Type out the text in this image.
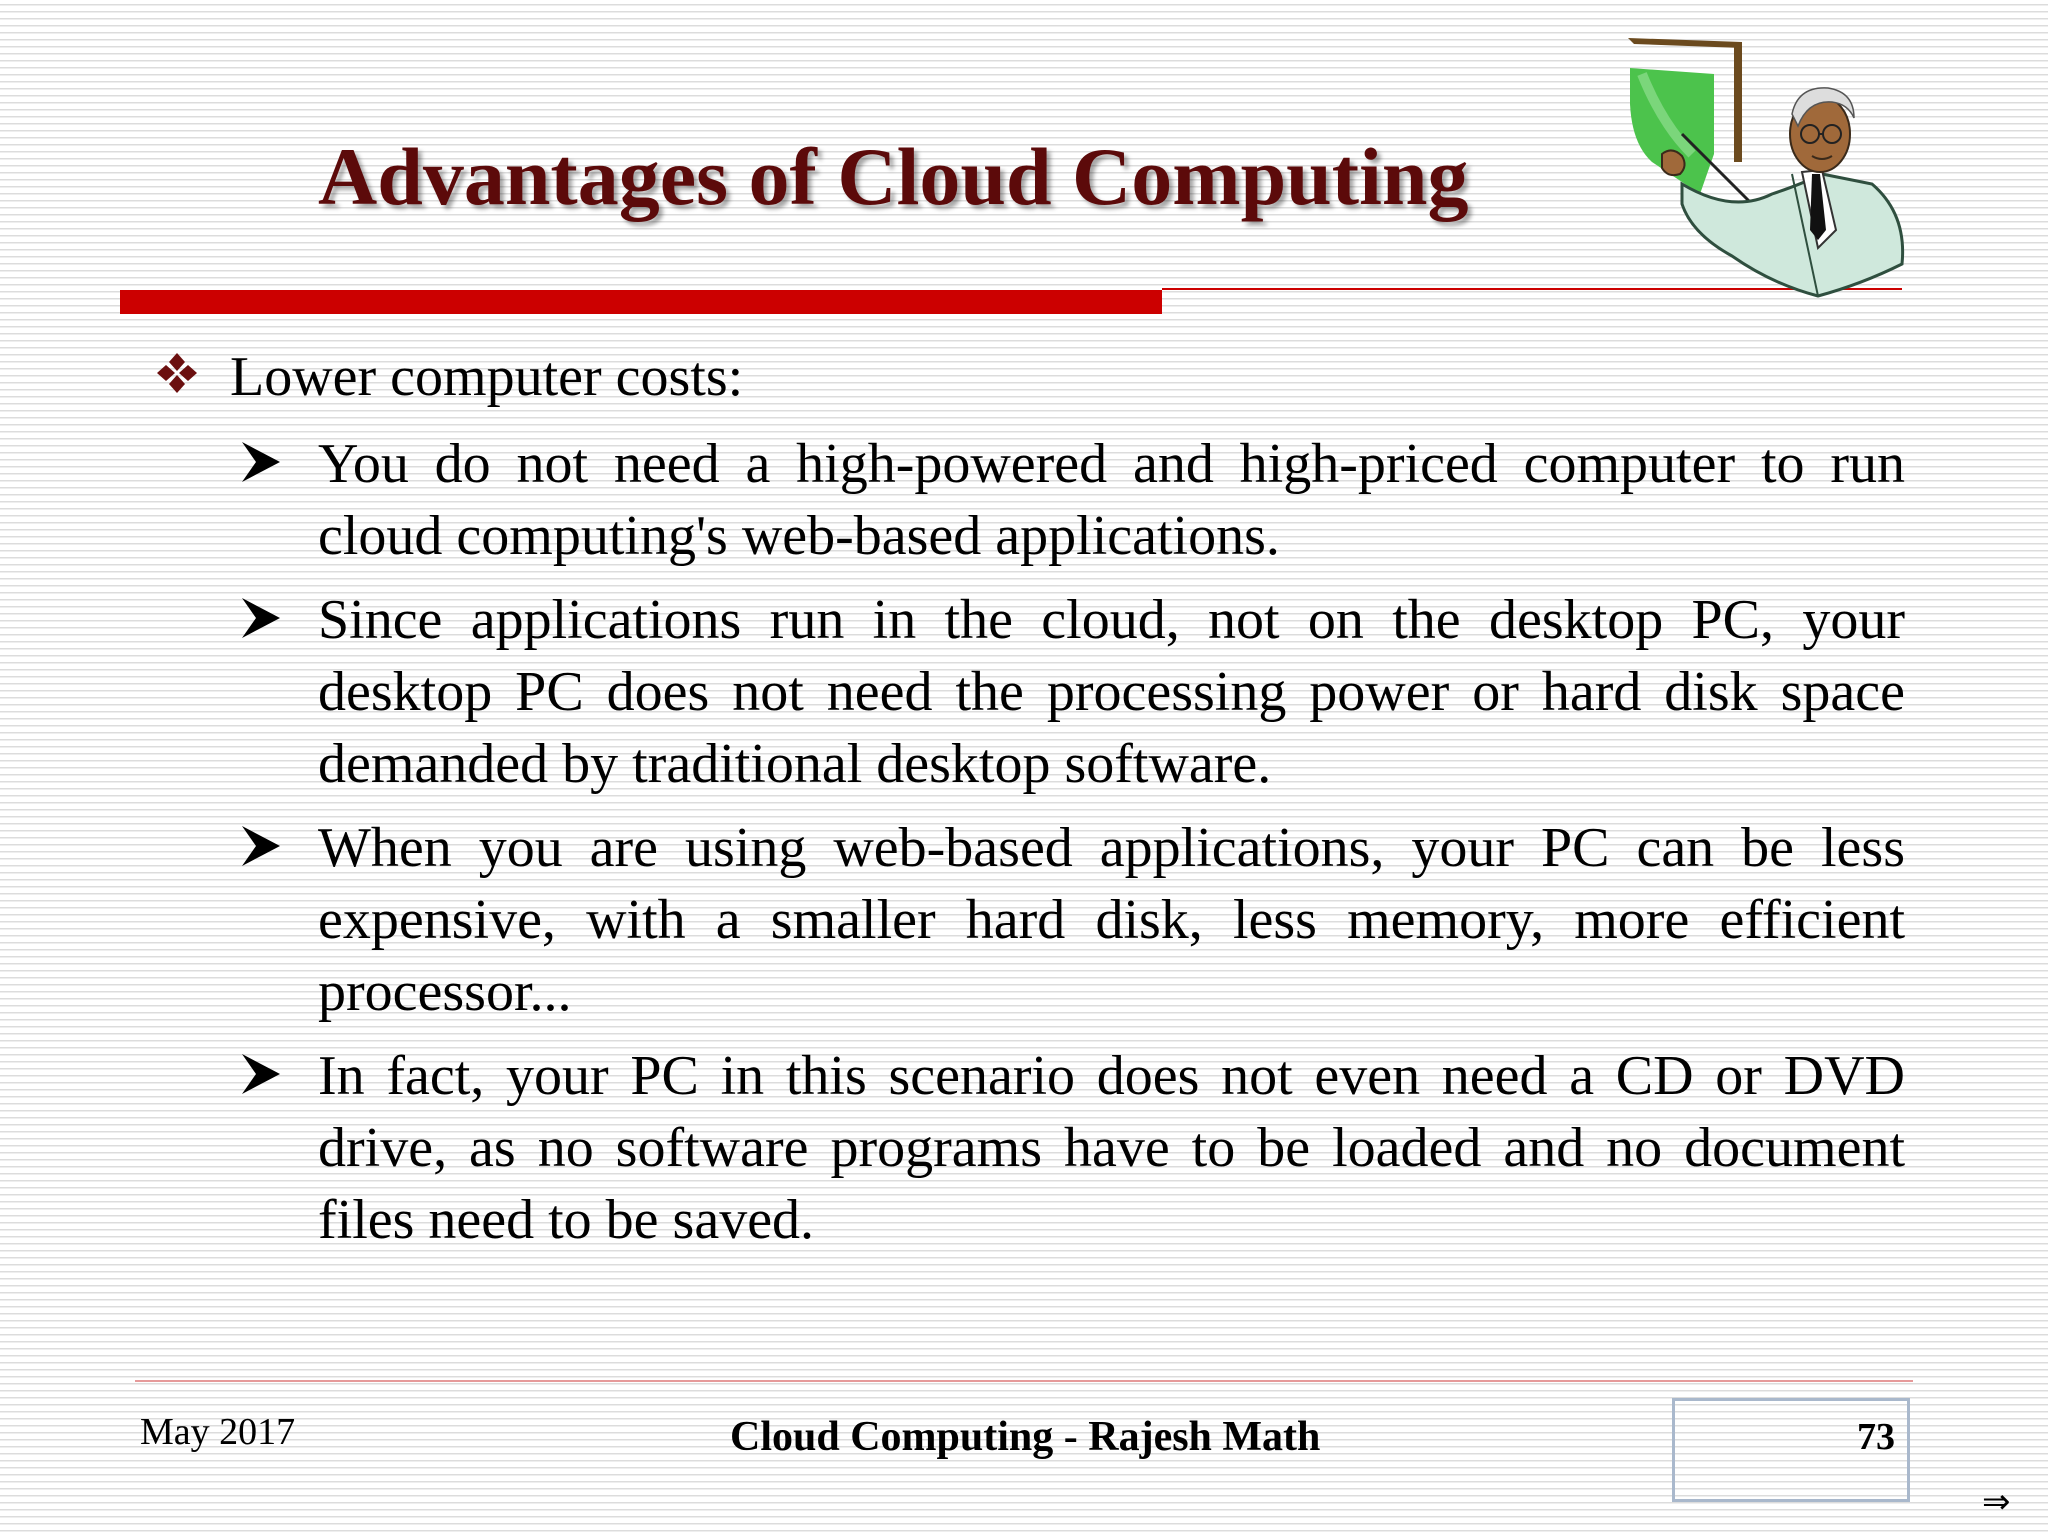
Advantages of Cloud Computing
Lower computer costs:
You do not need a high-powered and high-priced computer to run cloud computing's web-based applications.
Since applications run in the cloud, not on the desktop PC, your desktop PC does not need the processing power or hard disk space demanded by traditional desktop software.
When you are using web-based applications, your PC can be less expensive, with a smaller hard disk, less memory, more efficient processor...
In fact, your PC in this scenario does not even need a CD or DVD drive, as no software programs have to be loaded and no document files need to be saved.
May 2017	Cloud Computing - Rajesh Math	73
⇒
